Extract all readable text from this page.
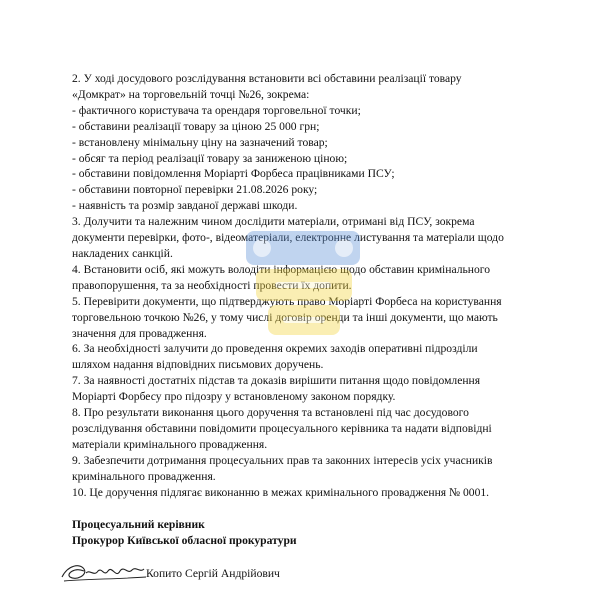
2. У ході досудового розслідування встановити всі обставини реалізації товару

«Домкрат» на торговельній точці №26, зокрема:

- фактичного користувача та орендаря торговельної точки;

- обставини реалізації товару за ціною 25 000 грн;

- встановлену мінімальну ціну на зазначений товар;

- обсяг та період реалізації товару за заниженою ціною;

- обставини повідомлення Моріарті Форбеса працівниками ПСУ;

- обставини повторної перевірки 21.08.2026 року;

- наявність та розмір завданої державі шкоди.

3. Долучити та належним чином дослідити матеріали, отримані від ПСУ, зокрема

документи перевірки, фото-, відеоматеріали, електронне листування та матеріали щодо

накладених санкцій.

4. Встановити осіб, які можуть володіти інформацією щодо обставин кримінального

правопорушення, та за необхідності провести їх допити.

5. Перевірити документи, що підтверджують право Моріарті Форбеса на користування

торговельною точкою №26, у тому числі договір оренди та інші документи, що мають

значення для провадження.

6. За необхідності залучити до проведення окремих заходів оперативні підрозділи

шляхом надання відповідних письмових доручень.

7. За наявності достатніх підстав та доказів вирішити питання щодо повідомлення

Моріарті Форбесу про підозру у встановленому законом порядку.

8. Про результати виконання цього доручення та встановлені під час досудового

розслідування обставини повідомити процесуального керівника та надати відповідні

матеріали кримінального провадження.

9. Забезпечити дотримання процесуальних прав та законних інтересів усіх учасників

кримінального провадження.

10. Це доручення підлягає виконанню в межах кримінального провадження № 0001.

Процесуальний керівник
Прокурор Київської обласної прокуратури
Копито Сергій Андрійович
